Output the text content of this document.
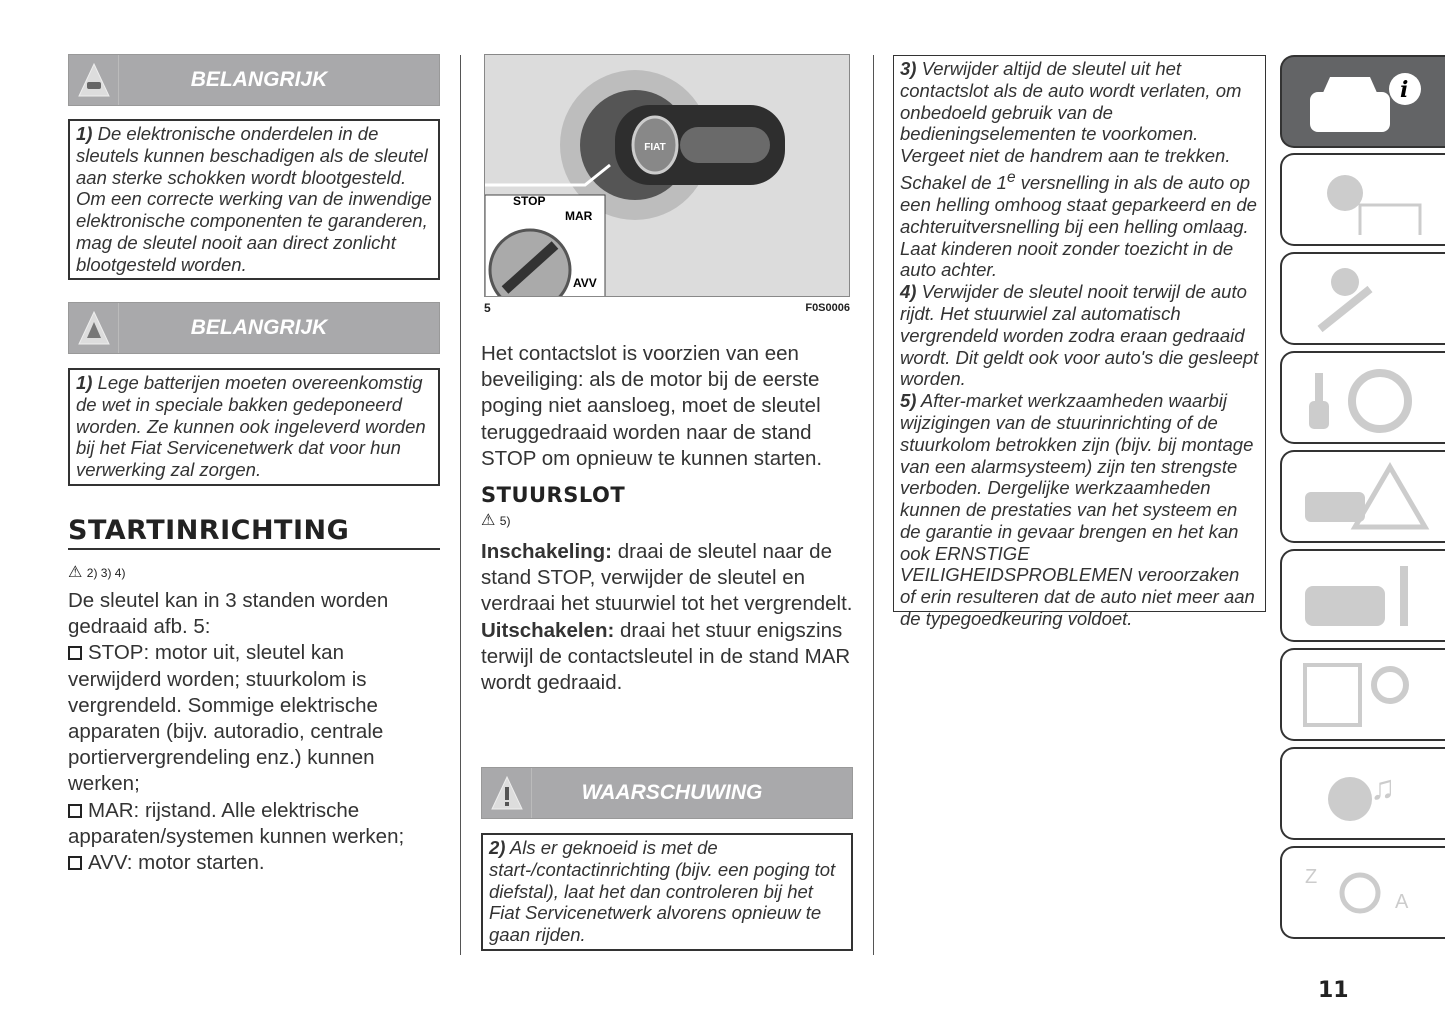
BELANGRIJK
1) De elektronische onderdelen in de sleutels kunnen beschadigen als de sleutel aan sterke schokken wordt blootgesteld. Om een correcte werking van de inwendige elektronische componenten te garanderen, mag de sleutel nooit aan direct zonlicht blootgesteld worden.
BELANGRIJK
1) Lege batterijen moeten overeenkomstig de wet in speciale bakken gedeponeerd worden. Ze kunnen ook ingeleverd worden bij het Fiat Servicenetwerk dat voor hun verwerking zal zorgen.
STARTINRICHTING
⚠ 2) 3) 4)
De sleutel kan in 3 standen worden gedraaid afb. 5:
STOP: motor uit, sleutel kan verwijderd worden; stuurkolom is vergrendeld. Sommige elektrische apparaten (bijv. autoradio, centrale portiervergrendeling enz.) kunnen werken;
MAR: rijstand. Alle elektrische apparaten/systemen kunnen werken;
AVV: motor starten.
FIAT
STOP
MAR
AVV
5	F0S0006
Het contactslot is voorzien van een beveiliging: als de motor bij de eerste poging niet aansloeg, moet de sleutel teruggedraaid worden naar de stand STOP om opnieuw te kunnen starten.
STUURSLOT
⚠ 5)
Inschakeling: draai de sleutel naar de stand STOP, verwijder de sleutel en verdraai het stuurwiel tot het vergrendelt.
Uitschakelen: draai het stuur enigszins terwijl de contactsleutel in de stand MAR wordt gedraaid.
WAARSCHUWING
2) Als er geknoeid is met de start-/contactinrichting (bijv. een poging tot diefstal), laat het dan controleren bij het Fiat Servicenetwerk alvorens opnieuw te gaan rijden.
3) Verwijder altijd de sleutel uit het contactslot als de auto wordt verlaten, om onbedoeld gebruik van de bedieningselementen te voorkomen. Vergeet niet de handrem aan te trekken. Schakel de 1e versnelling in als de auto op een helling omhoog staat geparkeerd en de achteruitversnelling bij een helling omlaag. Laat kinderen nooit zonder toezicht in de auto achter.
4) Verwijder de sleutel nooit terwijl de auto rijdt. Het stuurwiel zal automatisch vergrendeld worden zodra eraan gedraaid wordt. Dit geldt ook voor auto's die gesleept worden.
5) After-market werkzaamheden waarbij wijzigingen van de stuurinrichting of de stuurkolom betrokken zijn (bijv. bij montage van een alarmsysteem) zijn ten strengste verboden. Dergelijke werkzaamheden kunnen de prestaties van het systeem en de garantie in gevaar brengen en het kan ook ERNSTIGE VEILIGHEIDSPROBLEMEN veroorzaken of erin resulteren dat de auto niet meer aan de typegoedkeuring voldoet.
i
♫
Z
A
11
